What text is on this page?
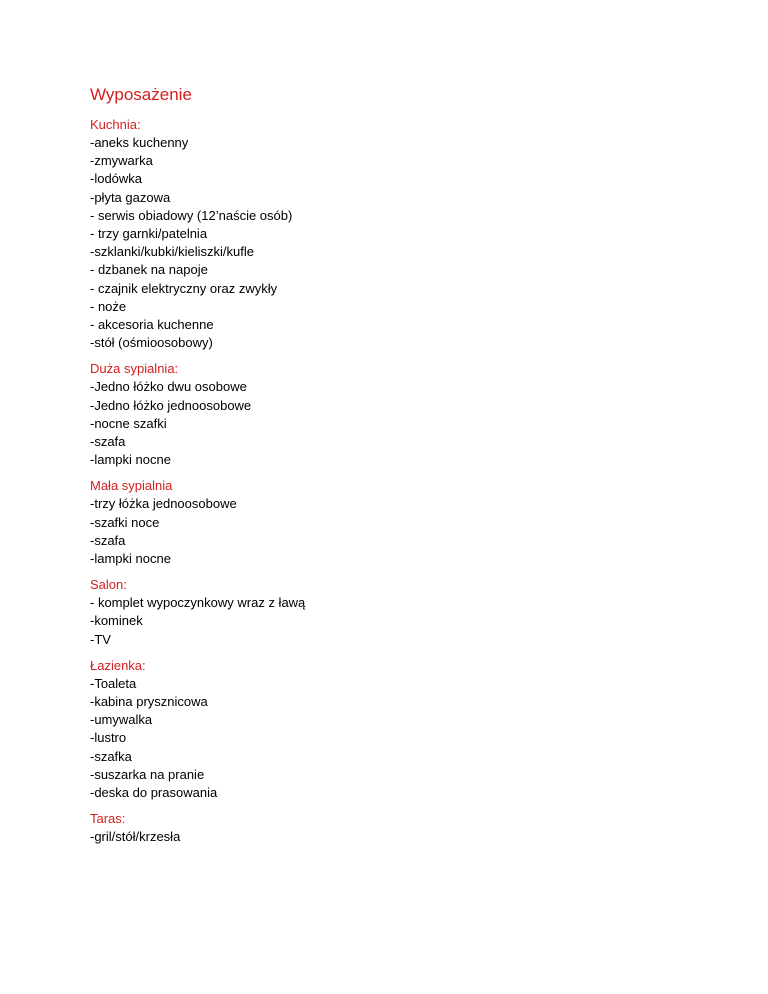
Wyposażenie
Kuchnia:
-aneks kuchenny
-zmywarka
-lodówka
-płyta gazowa
- serwis obiadowy (12’naście osób)
- trzy garnki/patelnia
-szklanki/kubki/kieliszki/kufle
- dzbanek na napoje
- czajnik elektryczny oraz zwykły
- noże
- akcesoria kuchenne
-stół (ośmioosobowy)
Duża sypialnia:
-Jedno łóżko dwu osobowe
-Jedno łóżko jednoosobowe
-nocne szafki
-szafa
-lampki nocne
Mała sypialnia
-trzy łóżka jednoosobowe
-szafki noce
-szafa
-lampki nocne
Salon:
- komplet wypoczynkowy wraz z ławą
-kominek
-TV
Łazienka:
-Toaleta
-kabina prysznicowa
-umywalka
-lustro
-szafka
-suszarka na pranie
-deska do prasowania
Taras:
-gril/stół/krzesła
